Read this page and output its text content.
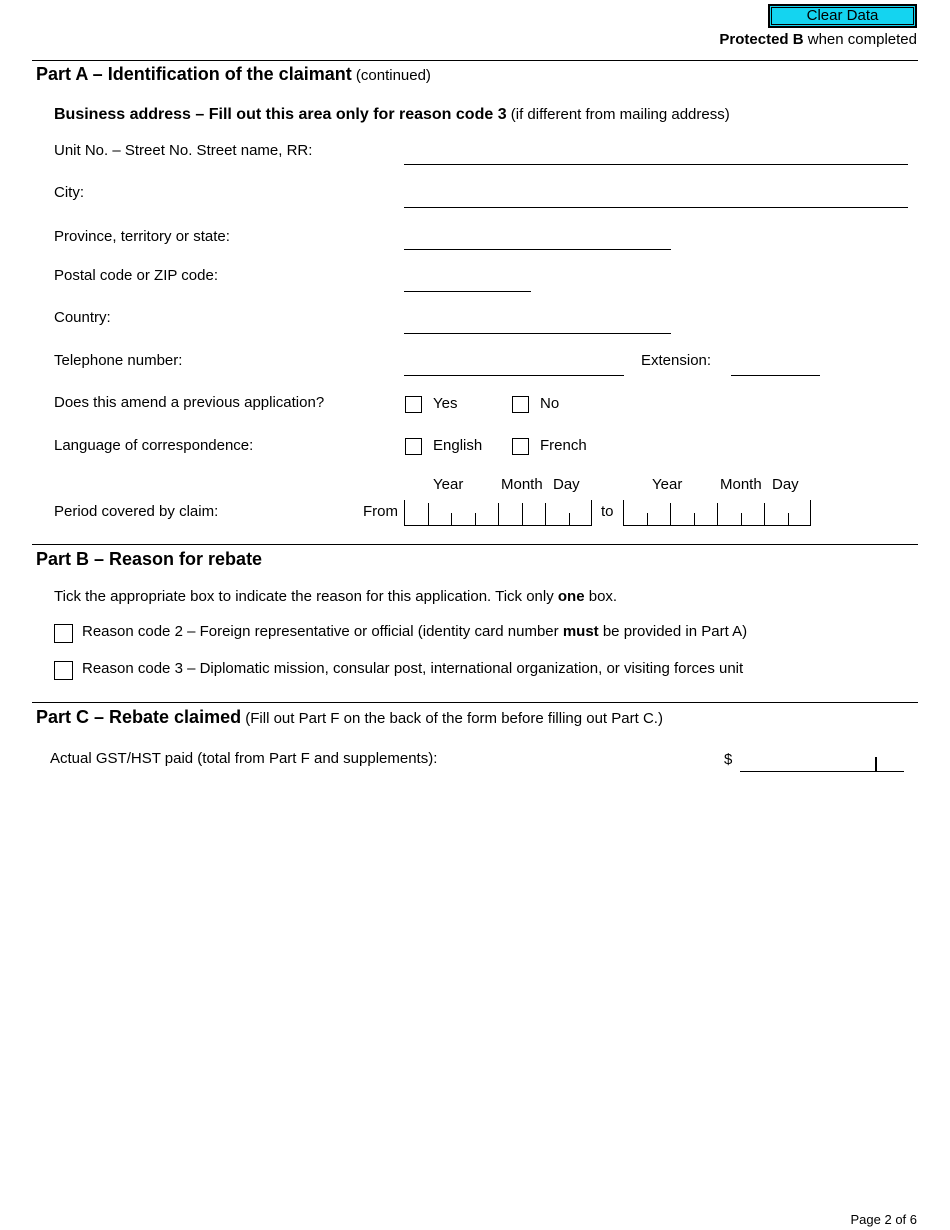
Clear Data
Protected B when completed
Part A – Identification of the claimant (continued)
Business address – Fill out this area only for reason code 3 (if different from mailing address)
Unit No. – Street No. Street name, RR:
City:
Province, territory or state:
Postal code or ZIP code:
Country:
Telephone number:	Extension:
Does this amend a previous application?	Yes	No
Language of correspondence:	English	French
Year	Month Day	Year	Month Day
Period covered by claim:	From	to
Part B – Reason for rebate
Tick the appropriate box to indicate the reason for this application. Tick only one box.
Reason code 2 – Foreign representative or official (identity card number must be provided in Part A)
Reason code 3 – Diplomatic mission, consular post, international organization, or visiting forces unit
Part C – Rebate claimed (Fill out Part F on the back of the form before filling out Part C.)
Actual GST/HST paid (total from Part F and supplements):	$
Page 2 of 6
